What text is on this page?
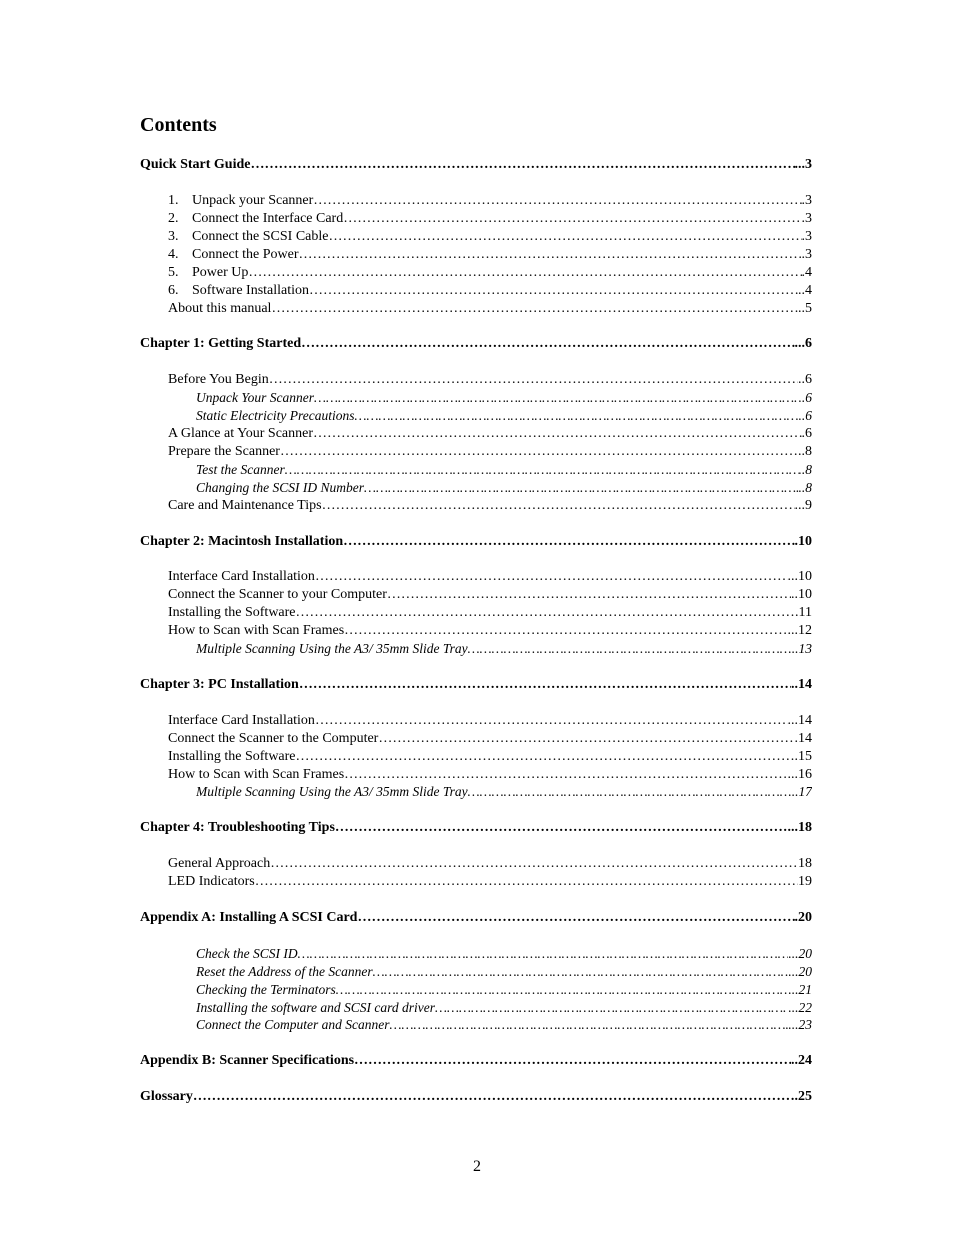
Contents
Quick Start Guide ……………………………………………………………………………………………………………………………………………………………………………	...3
1. Unpack your Scanner ……………………………………………………………………………………………………………………………………………………………………………	.3
2. Connect the Interface Card ……………………………………………………………………………………………………………………………………………………………………………	.3
3. Connect the SCSI Cable ……………………………………………………………………………………………………………………………………………………………………………	.3
4. Connect the Power ……………………………………………………………………………………………………………………………………………………………………………	.3
5. Power Up ……………………………………………………………………………………………………………………………………………………………………………	.4
6. Software Installation ……………………………………………………………………………………………………………………………………………………………………………	..4
About this manual ……………………………………………………………………………………………………………………………………………………………………………	..5
Chapter 1: Getting Started ……………………………………………………………………………………………………………………………………………………………………………	...6
Before You Begin ……………………………………………………………………………………………………………………………………………………………………………	..6
Unpack Your Scanner ……………………………………………………………………………………………………………………………………………………………………………	.6
Static Electricity Precautions ……………………………………………………………………………………………………………………………………………………………………………	..6
A Glance at Your Scanner ……………………………………………………………………………………………………………………………………………………………………………	.6
Prepare the Scanner ……………………………………………………………………………………………………………………………………………………………………………	..8
Test the Scanner ……………………………………………………………………………………………………………………………………………………………………………	..8
Changing the SCSI ID Number ……………………………………………………………………………………………………………………………………………………………………………	..8
Care and Maintenance Tips ……………………………………………………………………………………………………………………………………………………………………………	...9
Chapter 2: Macintosh Installation ……………………………………………………………………………………………………………………………………………………………………………	.10
Interface Card Installation ……………………………………………………………………………………………………………………………………………………………………………	...10
Connect the Scanner to your Computer ……………………………………………………………………………………………………………………………………………………………………………	..10
Installing the Software ……………………………………………………………………………………………………………………………………………………………………………	.11
How to Scan with Scan Frames ……………………………………………………………………………………………………………………………………………………………………………	...12
Multiple Scanning Using the A3/ 35mm Slide Tray ……………………………………………………………………………………………………………………………………………………………………………	...13
Chapter 3: PC Installation ……………………………………………………………………………………………………………………………………………………………………………	..14
Interface Card Installation ……………………………………………………………………………………………………………………………………………………………………………	...14
Connect the Scanner to the Computer ……………………………………………………………………………………………………………………………………………………………………………	.14
Installing the Software ……………………………………………………………………………………………………………………………………………………………………………	.15
How to Scan with Scan Frames ……………………………………………………………………………………………………………………………………………………………………………	...16
Multiple Scanning Using the A3/ 35mm Slide Tray ……………………………………………………………………………………………………………………………………………………………………………	...17
Chapter 4: Troubleshooting Tips ……………………………………………………………………………………………………………………………………………………………………………	...18
General Approach ……………………………………………………………………………………………………………………………………………………………………………	18
LED Indicators ……………………………………………………………………………………………………………………………………………………………………………	19
Appendix A: Installing A SCSI Card ……………………………………………………………………………………………………………………………………………………………………………	.20
Check the SCSI ID ……………………………………………………………………………………………………………………………………………………………………………	...20
Reset the Address of the Scanner ……………………………………………………………………………………………………………………………………………………………………………	...20
Checking the Terminators ……………………………………………………………………………………………………………………………………………………………………………	...21
Installing the software and SCSI card driver ……………………………………………………………………………………………………………………………………………………………………………	...22
Connect the Computer and Scanner ……………………………………………………………………………………………………………………………………………………………………………	...23
Appendix B: Scanner Specifications ……………………………………………………………………………………………………………………………………………………………………………	..24
Glossary ……………………………………………………………………………………………………………………………………………………………………………	.25
2
